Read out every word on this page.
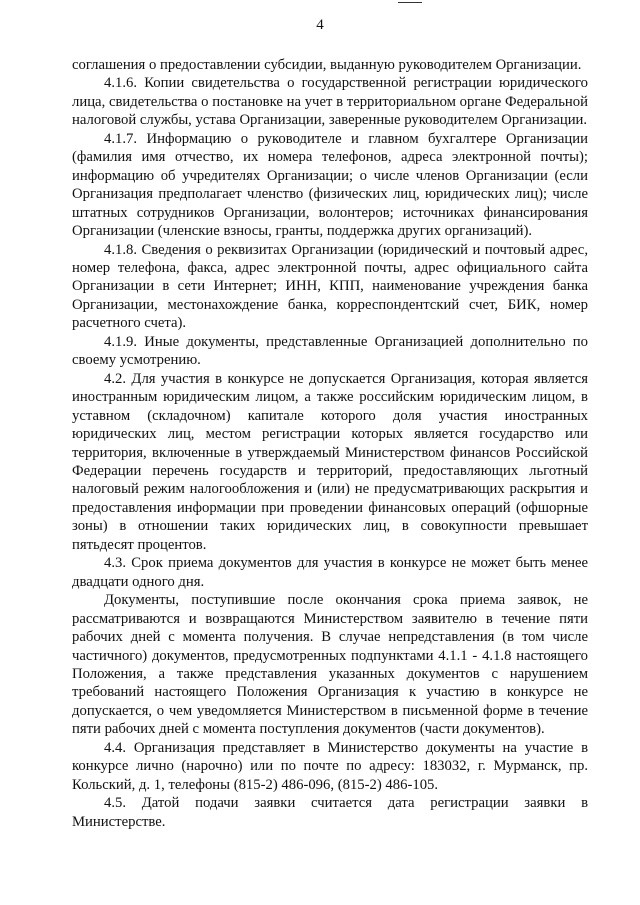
4

соглашения о предоставлении субсидии, выданную руководителем Организации.

4.1.6. Копии свидетельства о государственной регистрации юридического лица, свидетельства о постановке на учет в территориальном органе Федеральной налоговой службы, устава Организации, заверенные руководителем Организации.

4.1.7. Информацию о руководителе и главном бухгалтере Организации (фамилия имя отчество, их номера телефонов, адреса электронной почты); информацию об учредителях Организации; о числе членов Организации (если Организация предполагает членство (физических лиц, юридических лиц); числе штатных сотрудников Организации, волонтеров; источниках финансирования Организации (членские взносы, гранты, поддержка других организаций).

4.1.8. Сведения о реквизитах Организации (юридический и почтовый адрес, номер телефона, факса, адрес электронной почты, адрес официального сайта Организации в сети Интернет; ИНН, КПП, наименование учреждения банка Организации, местонахождение банка, корреспондентский счет, БИК, номер расчетного счета).

4.1.9. Иные документы, представленные Организацией дополнительно по своему усмотрению.

4.2. Для участия в конкурсе не допускается Организация, которая является иностранным юридическим лицом, а также российским юридическим лицом, в уставном (складочном) капитале которого доля участия иностранных юридических лиц, местом регистрации которых является государство или территория, включенные в утверждаемый Министерством финансов Российской Федерации перечень государств и территорий, предоставляющих льготный налоговый режим налогообложения и (или) не предусматривающих раскрытия и предоставления информации при проведении финансовых операций (офшорные зоны) в отношении таких юридических лиц, в совокупности превышает пятьдесят процентов.

4.3. Срок приема документов для участия в конкурсе не может быть менее двадцати одного дня.

Документы, поступившие после окончания срока приема заявок, не рассматриваются и возвращаются Министерством заявителю в течение пяти рабочих дней с момента получения. В случае непредставления (в том числе частичного) документов, предусмотренных подпунктами 4.1.1 - 4.1.8 настоящего Положения, а также представления указанных документов с нарушением требований настоящего Положения Организация к участию в конкурсе не допускается, о чем уведомляется Министерством в письменной форме в течение пяти рабочих дней с момента поступления документов (части документов).

4.4. Организация представляет в Министерство документы на участие в конкурсе лично (нарочно) или по почте по адресу: 183032, г. Мурманск, пр. Кольский, д. 1, телефоны (815-2) 486-096, (815-2) 486-105.

4.5. Датой подачи заявки считается дата регистрации заявки в Министерстве.
